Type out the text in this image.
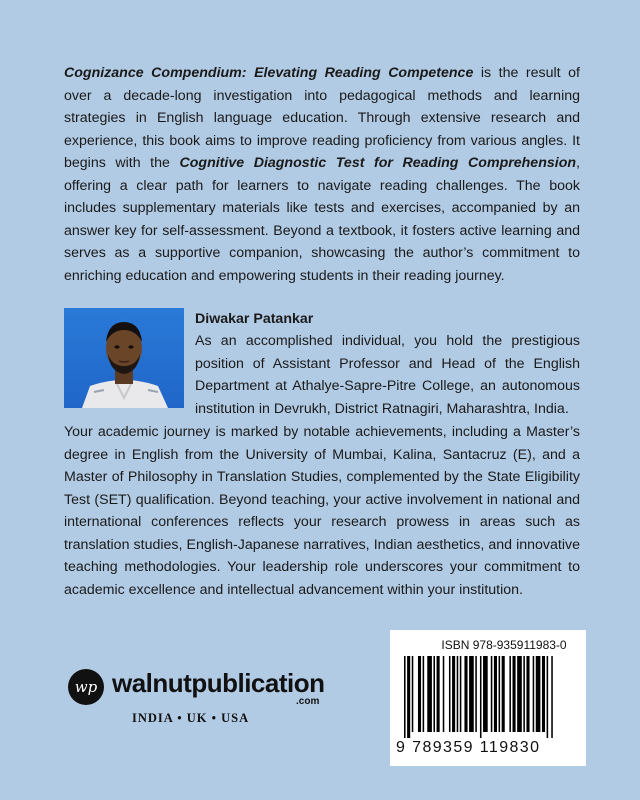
Cognizance Compendium: Elevating Reading Competence is the result of over a decade-long investigation into pedagogical methods and learning strategies in English language education. Through extensive research and experience, this book aims to improve reading proficiency from various angles. It begins with the Cognitive Diagnostic Test for Reading Comprehension, offering a clear path for learners to navigate reading challenges. The book includes supplementary materials like tests and exercises, accompanied by an answer key for self-assessment. Beyond a textbook, it fosters active learning and serves as a supportive companion, showcasing the author’s commitment to enriching education and empowering students in their reading journey.

Diwakar Patankar

As an accomplished individual, you hold the prestigious position of Assistant Professor and Head of the English Department at Athalye-Sapre-Pitre College, an autonomous institution in Devrukh, District Ratnagiri, Maharashtra, India.

Your academic journey is marked by notable achievements, including a Master’s degree in English from the University of Mumbai, Kalina, Santacruz (E), and a Master of Philosophy in Translation Studies, complemented by the State Eligibility Test (SET) qualification. Beyond teaching, your active involvement in national and international conferences reflects your research prowess in areas such as translation studies, English-Japanese narratives, Indian aesthetics, and innovative teaching methodologies. Your leadership role underscores your commitment to academic excellence and intellectual advancement within your institution.

wp walnutpublication
.com
INDIA • UK • USA
ISBN 978-935911983-0
9 789359 119830
